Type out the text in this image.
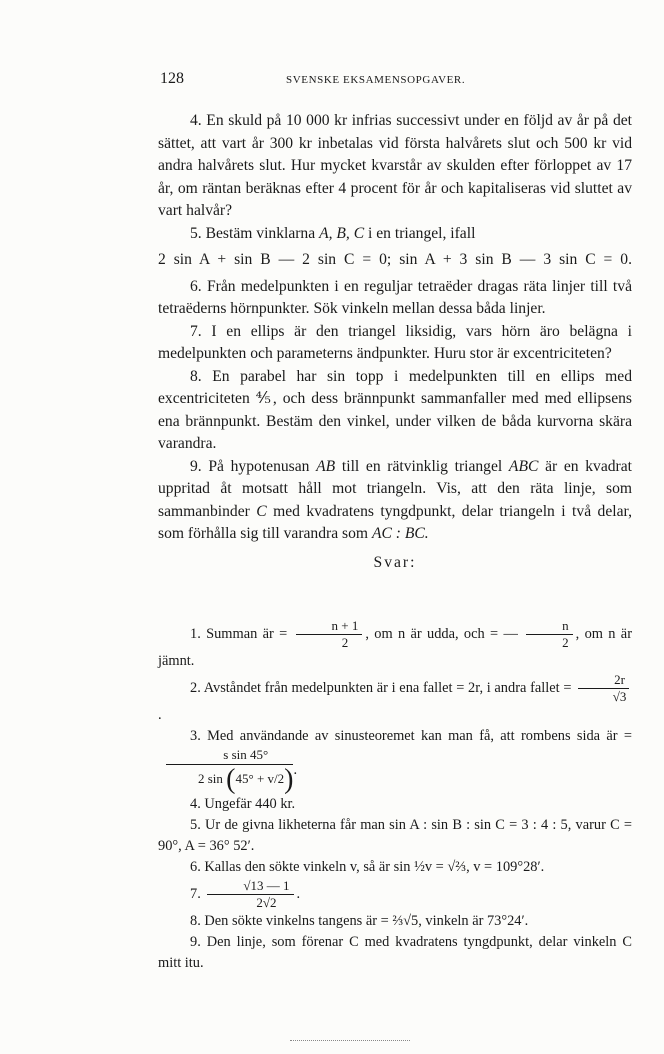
128	SVENSKE EKSAMENSOPGAVER.

4. En skuld på 10 000 kr infrias successivt under en följd av år på det sättet, att vart år 300 kr inbetalas vid första halvårets slut och 500 kr vid andra halvårets slut. Hur mycket kvarstår av skulden efter förloppet av 17 år, om räntan beräknas efter 4 procent för år och kapitaliseras vid sluttet av vart halvår?

5. Bestäm vinklarna A, B, C i en triangel, ifall

2 sin A + sin B — 2 sin C = 0; sin A + 3 sin B — 3 sin C = 0.

6. Från medelpunkten i en reguljar tetraëder dragas räta linjer till två tetraëderns hörnpunkter. Sök vinkeln mellan dessa båda linjer.

7. I en ellips är den triangel liksidig, vars hörn äro belägna i medelpunkten och parameterns ändpunkter. Huru stor är excentriciteten?

8. En parabel har sin topp i medelpunkten till en ellips med excentriciteten ⅘, och dess brännpunkt sammanfaller med med ellipsens ena brännpunkt. Bestäm den vinkel, under vilken de båda kurvorna skära varandra.

9. På hypotenusan AB till en rätvinklig triangel ABC är en kvadrat uppritad åt motsatt håll mot triangeln. Vis, att den räta linje, som sammanbinder C med kvadratens tyngdpunkt, delar triangeln i två delar, som förhålla sig till varandra som AC : BC.

Svar:

1. Summan är = $\frac{n + 1}{2}$ , om n är udda, och = — $\frac{n}{2}$ , om n är jämnt.

2. Avståndet från medelpunkten är i ena fallet = 2r, i andra fallet = $\frac{2r}{√3}$
.

3. Med användande av sinusteoremet kan man få, att rombens sida är =
$\frac{\text{s sin 45°}}{2 \sin (45^\circ + v/2)}$ .

4. Ungefär 440 kr.

5. Ur de givna likheterna får man sin A : sin B : sin C = 3 : 4 : 5, varur C = 90°, A = 36° 52′.

6. Kallas den sökte vinkeln v, så är sin ½v = √⅔, v = 109°28′.

7. $\frac{√13 — 1}{2√2}$ .

8. Den sökte vinkelns tangens är = ⅔√5, vinkeln är 73°24′.

9. Den linje, som förenar C med kvadratens tyngdpunkt, delar vinkeln C mitt itu.
